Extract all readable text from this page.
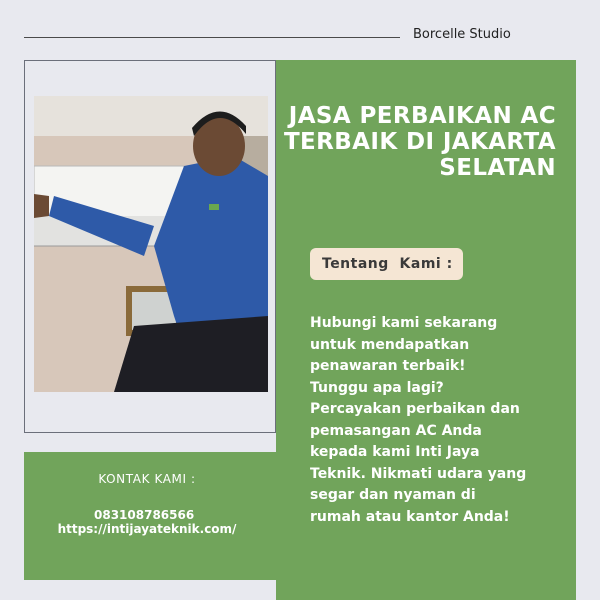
Borcelle Studio
JASA PERBAIKAN AC
TERBAIK DI JAKARTA
SELATAN
Tentang  Kami :
Hubungi kami sekarang
untuk mendapatkan
penawaran terbaik!
Tunggu apa lagi?
Percayakan perbaikan dan
pemasangan AC Anda
kepada kami Inti Jaya
Teknik. Nikmati udara yang
segar dan nyaman di
rumah atau kantor Anda!
KONTAK KAMI :
083108786566
https://intijayateknik.com/
